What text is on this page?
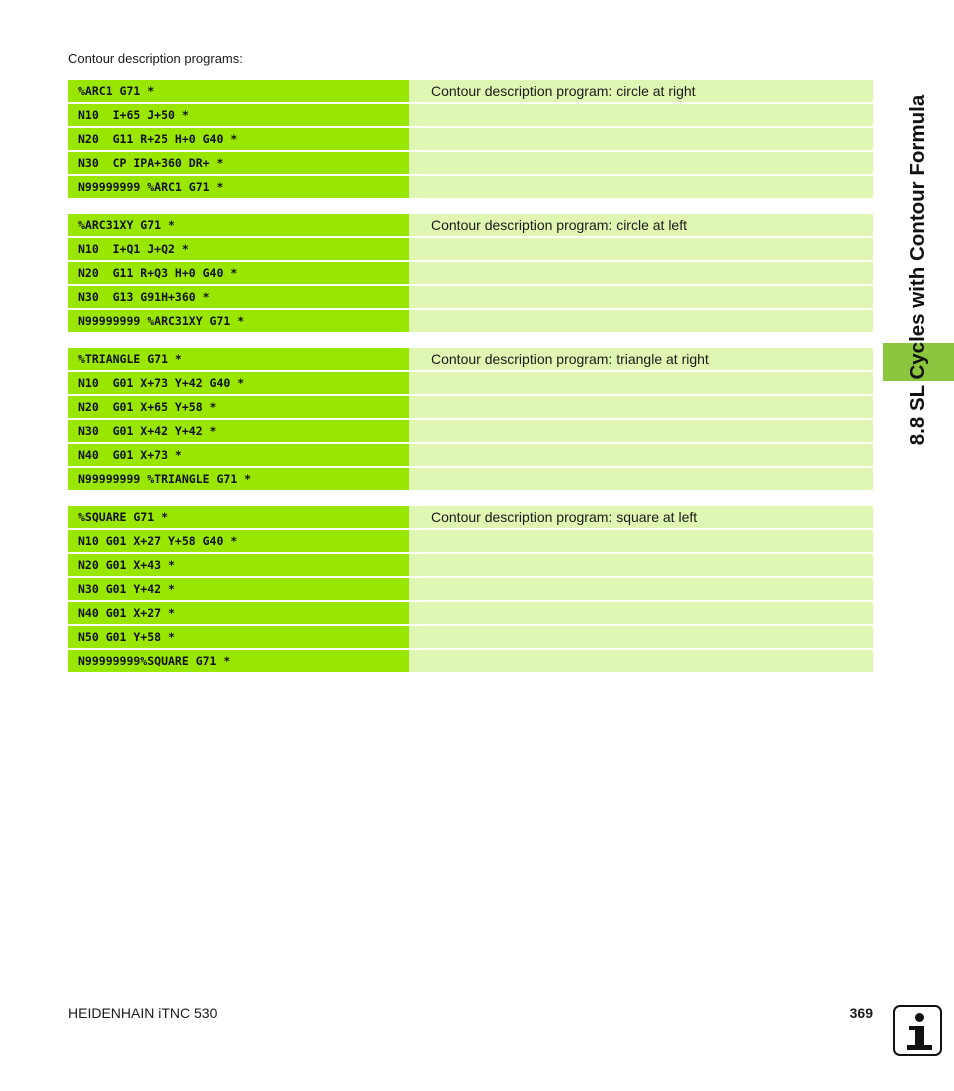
Contour description programs:
%ARC1 G71 *	Contour description program: circle at right
N10  I+65 J+50 *
N20  G11 R+25 H+0 G40 *
N30  CP IPA+360 DR+ *
N99999999 %ARC1 G71 *
%ARC31XY G71 *	Contour description program: circle at left
N10  I+Q1 J+Q2 *
N20  G11 R+Q3 H+0 G40 *
N30  G13 G91H+360 *
N99999999 %ARC31XY G71 *
%TRIANGLE G71 *	Contour description program: triangle at right
N10  G01 X+73 Y+42 G40 *
N20  G01 X+65 Y+58 *
N30  G01 X+42 Y+42 *
N40  G01 X+73 *
N99999999 %TRIANGLE G71 *
%SQUARE G71 *	Contour description program: square at left
N10 G01 X+27 Y+58 G40 *
N20 G01 X+43 *
N30 G01 Y+42 *
N40 G01 X+27 *
N50 G01 Y+58 *
N99999999%SQUARE G71 *
8.8 SL Cycles with Contour Formula
HEIDENHAIN iTNC 530	369
